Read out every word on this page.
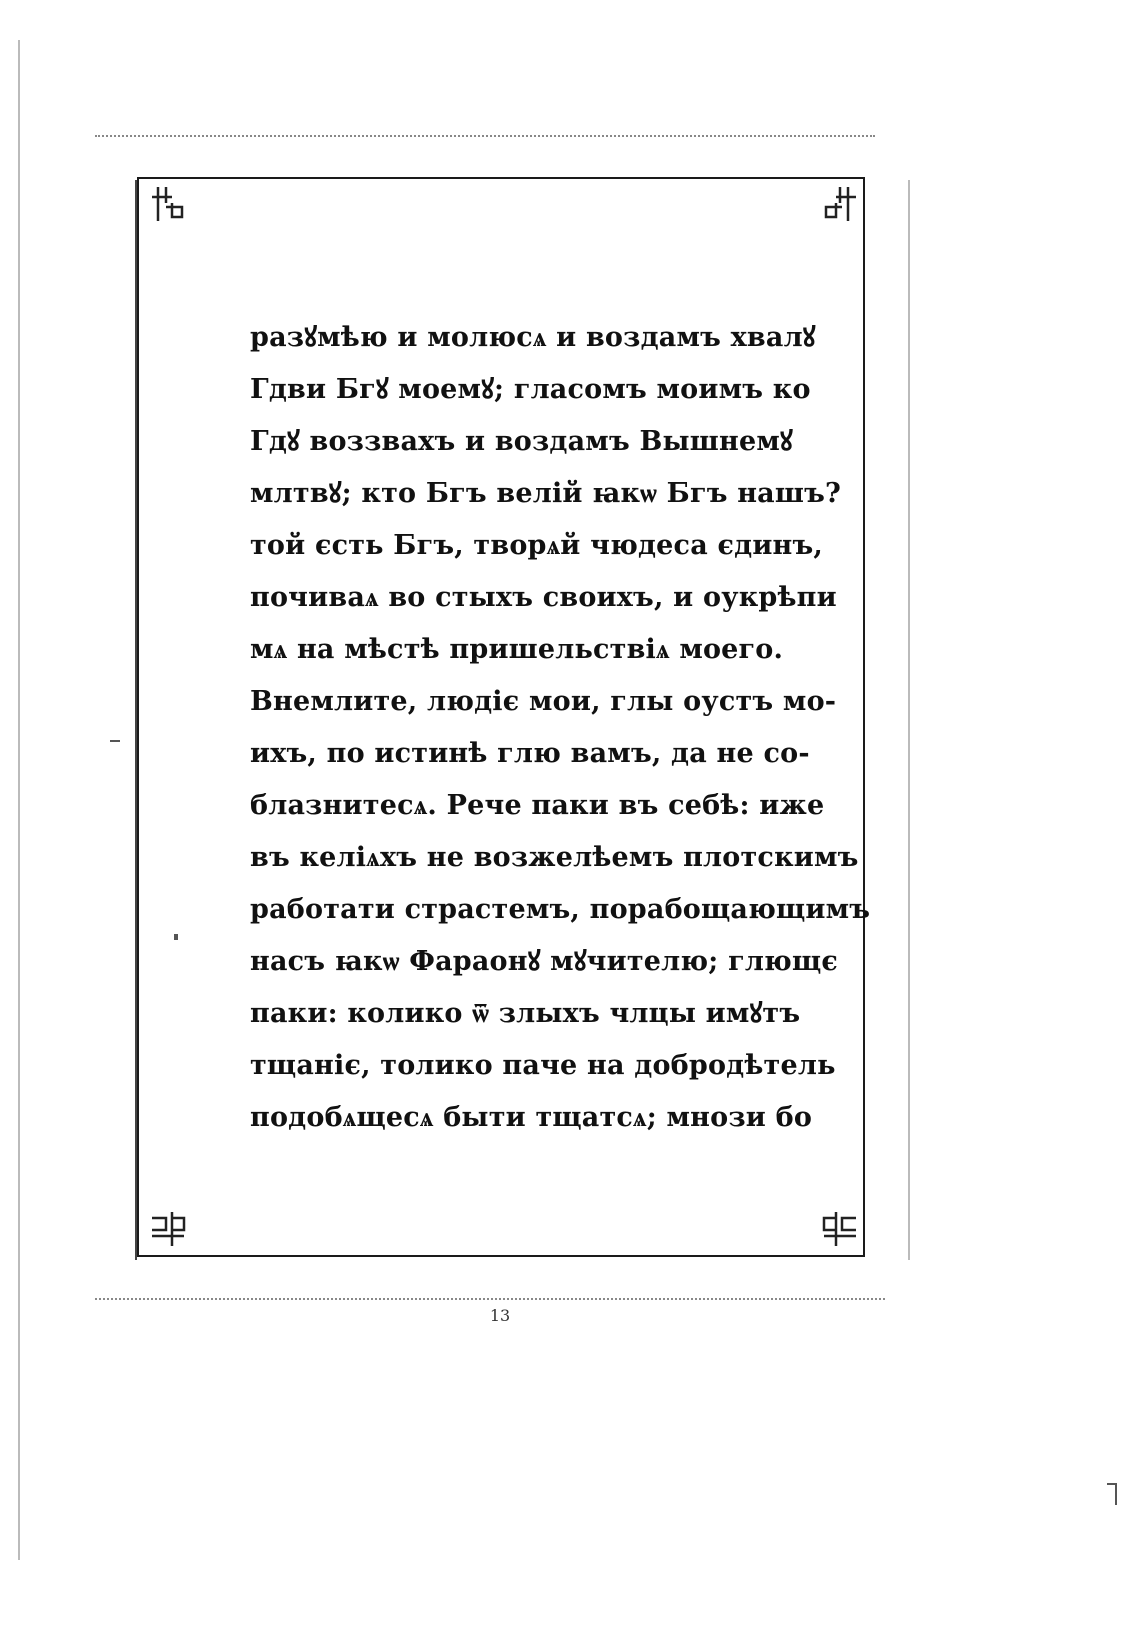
разꙋмѣю и молюсѧ и воздамъ хвалꙋ
Гдви Бгꙋ моемꙋ; гласомъ моимъ ко
Гдꙋ воззвахъ и воздамъ Вышнемꙋ
млтвꙋ; кто Бгъ велiй ꙗкѡ Бгъ нашъ?
той єсть Бгъ, творѧй чюдеса єдинъ,
почиваѧ во стыхъ своихъ, и оукрѣпи
мѧ на мѣстѣ пришельствiѧ моего.
Внемлите, людiє мои, глы оустъ мо-
ихъ, по истинѣ глю вамъ, да не со-
блазнитесѧ. Рече паки въ себѣ: иже
въ келiѧхъ не возжелѣемъ плотскимъ
работати страстемъ, порабощающимъ
насъ ꙗкѡ Фараонꙋ мꙋчителю; глющє
паки: колико ѿ злыхъ члцы имꙋтъ
тщанiє, толико паче на добродѣтель
подобѧщесѧ быти тщатсѧ; мнози бо
13
